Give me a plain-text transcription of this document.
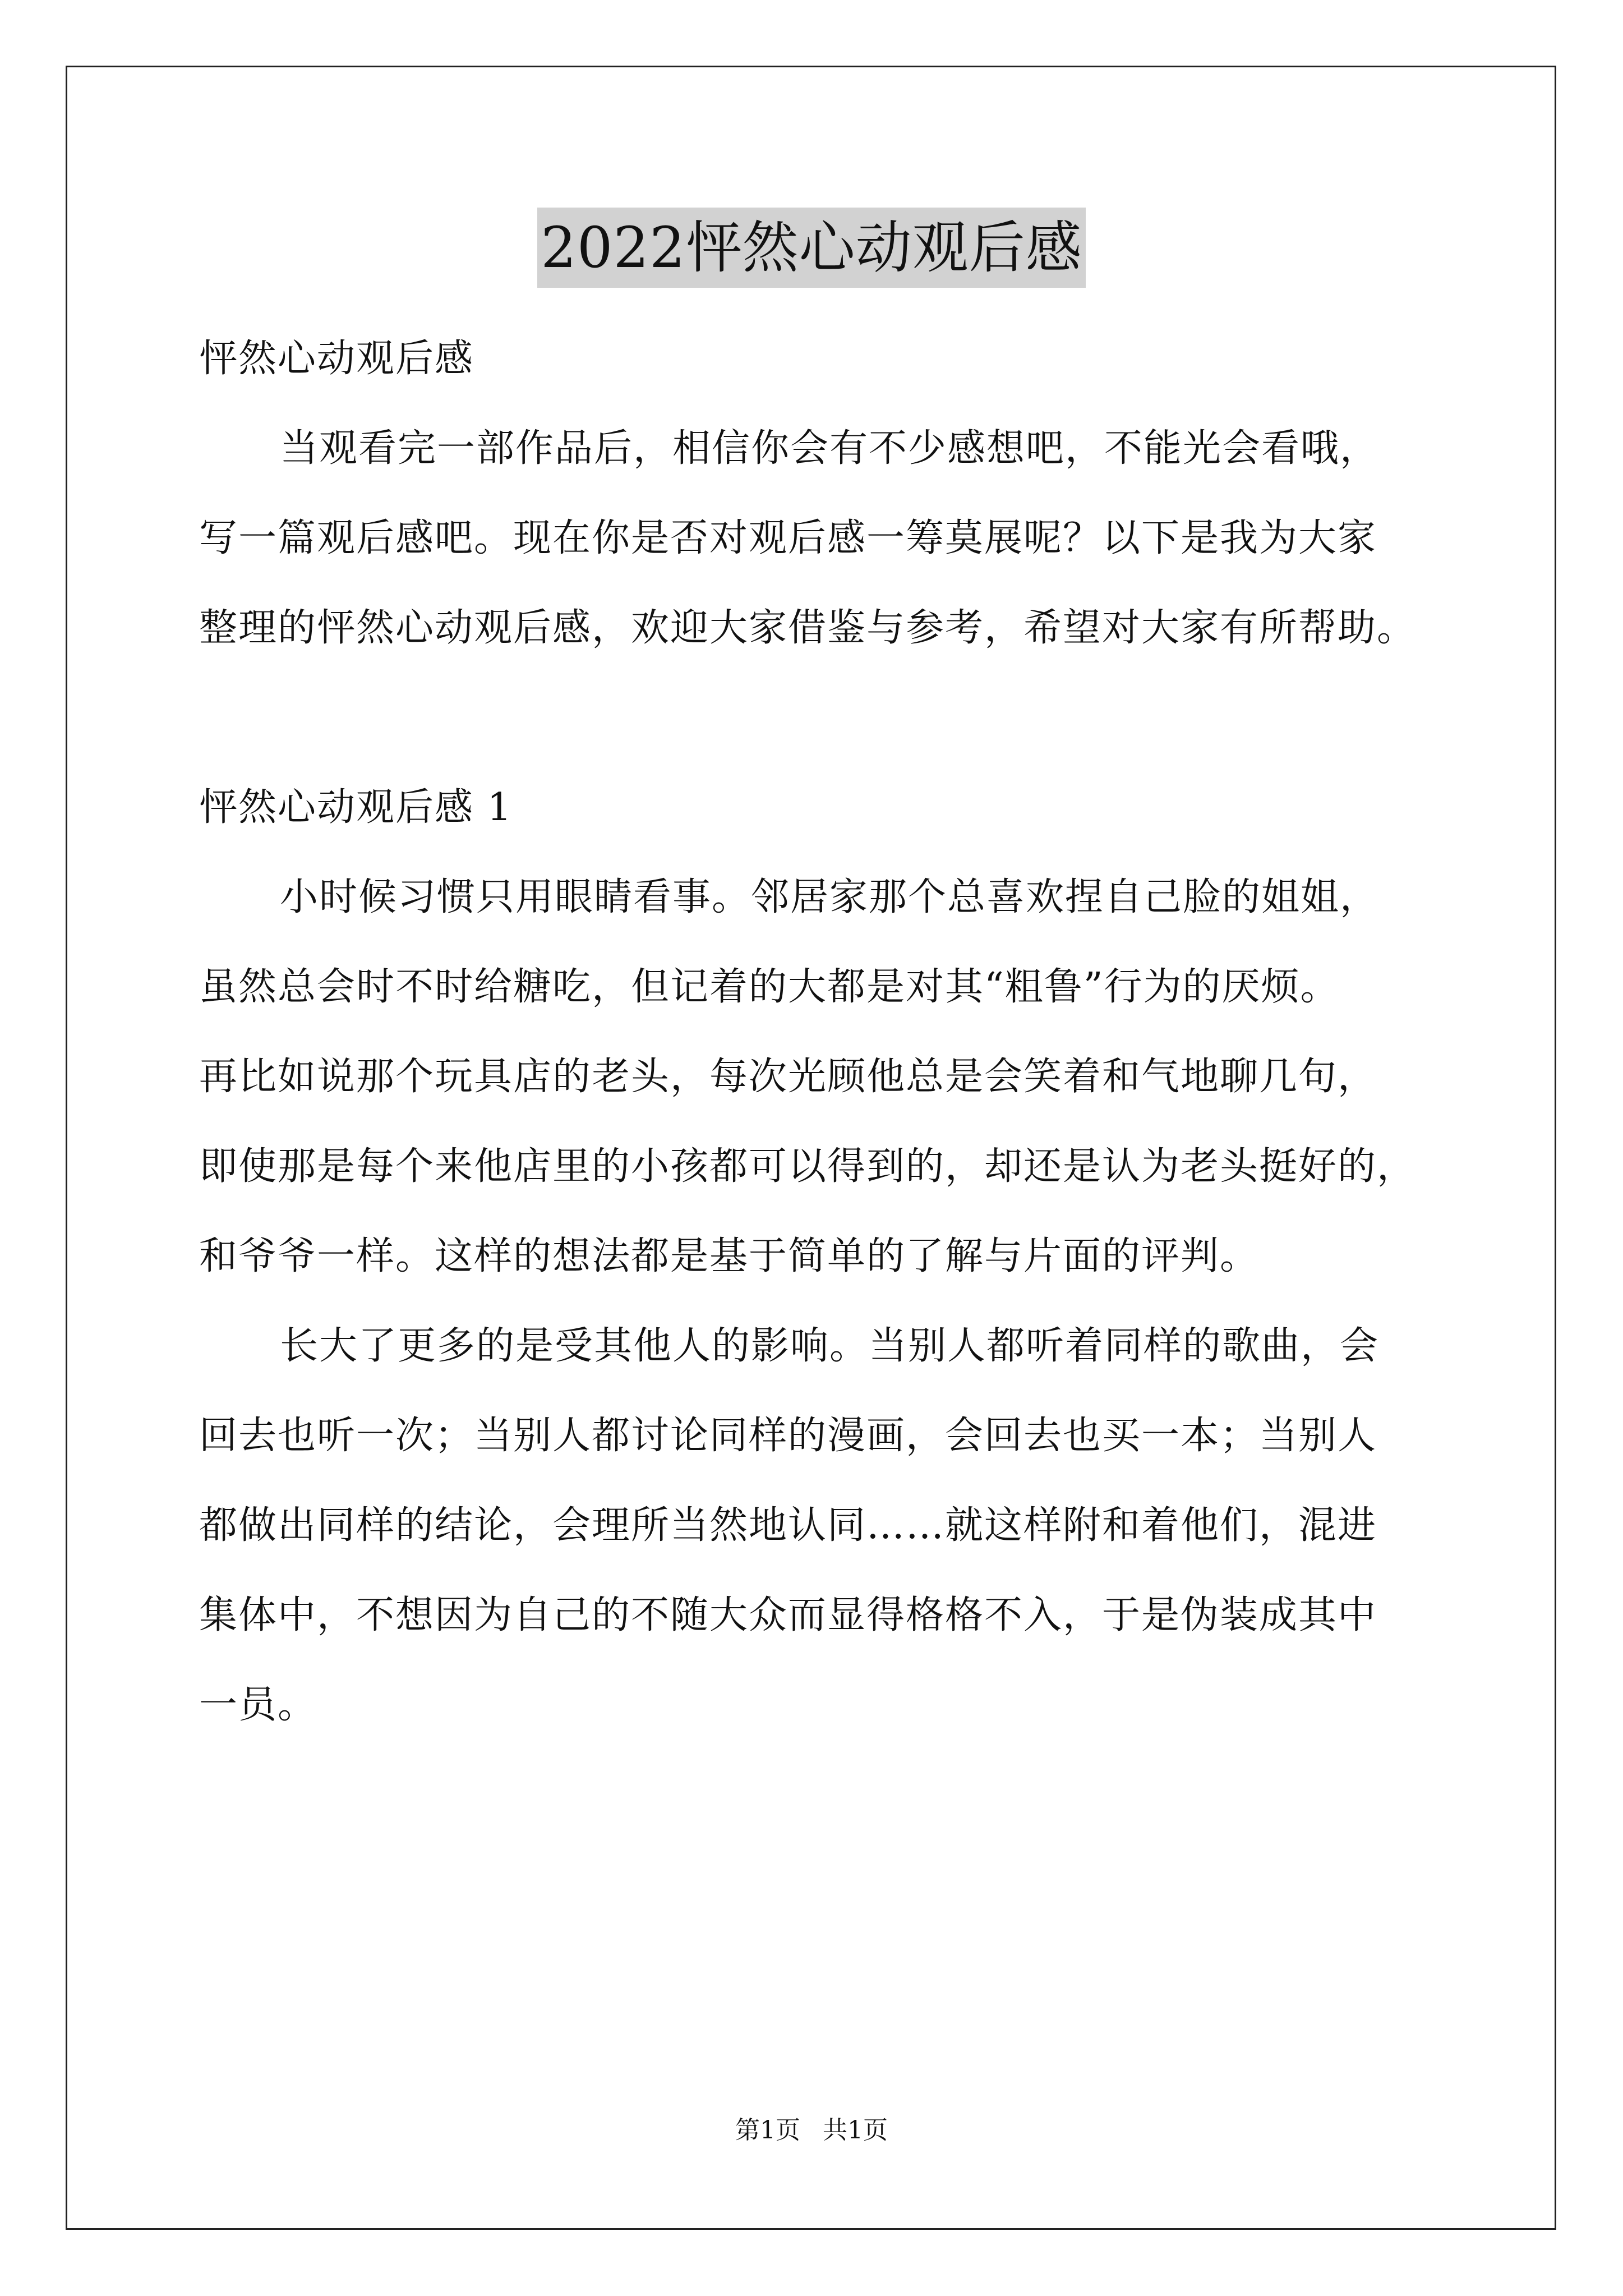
2022怦然心动观后感
怦然心动观后感
当观看完一部作品后，相信你会有不少感想吧，不能光会看哦，
写一篇观后感吧。现在你是否对观后感一筹莫展呢？以下是我为大家
整理的怦然心动观后感，欢迎大家借鉴与参考，希望对大家有所帮助。
怦然心动观后感 1
小时候习惯只用眼睛看事。邻居家那个总喜欢捏自己脸的姐姐，
虽然总会时不时给糖吃，但记着的大都是对其“粗鲁”行为的厌烦。
再比如说那个玩具店的老头，每次光顾他总是会笑着和气地聊几句，
即使那是每个来他店里的小孩都可以得到的，却还是认为老头挺好的，
和爷爷一样。这样的想法都是基于简单的了解与片面的评判。
长大了更多的是受其他人的影响。当别人都听着同样的歌曲，会
回去也听一次；当别人都讨论同样的漫画，会回去也买一本；当别人
都做出同样的结论，会理所当然地认同……就这样附和着他们，混进
集体中，不想因为自己的不随大众而显得格格不入，于是伪装成其中
一员。
第1页 共1页
